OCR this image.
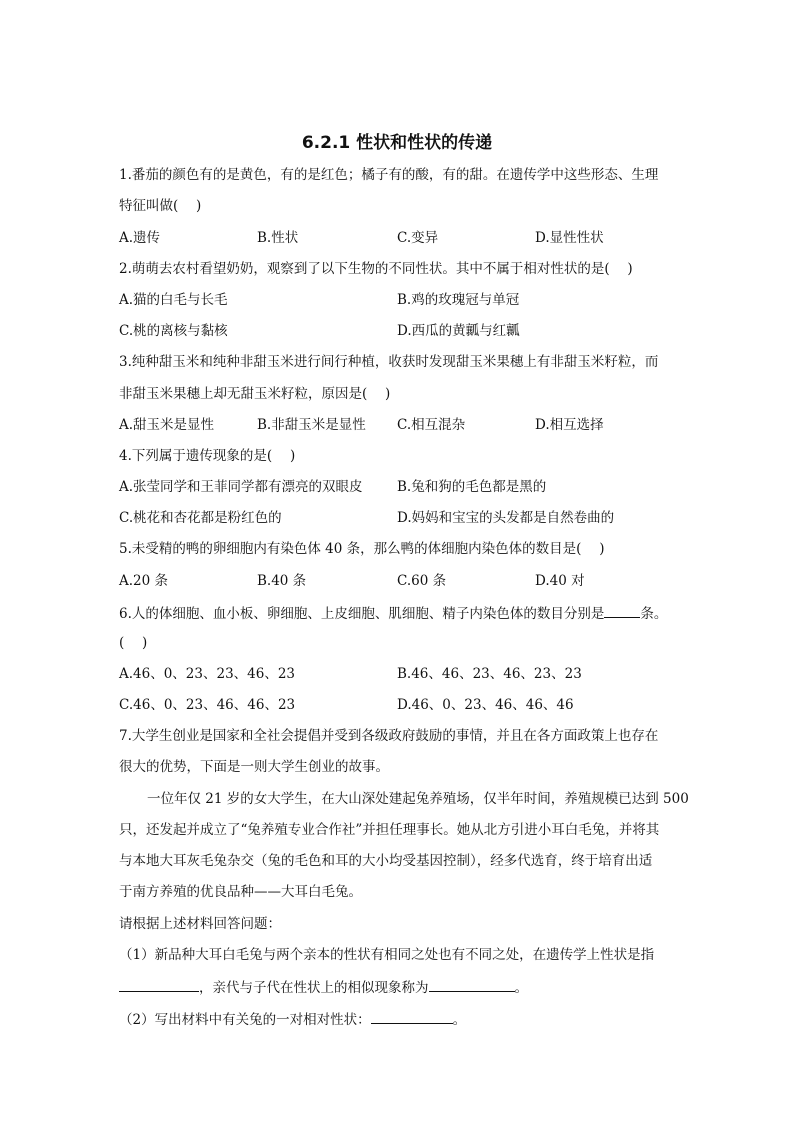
6.2.1 性状和性状的传递
1.番茄的颜色有的是黄色，有的是红色；橘子有的酸，有的甜。在遗传学中这些形态、生理
特征叫做(　 )
A.遗传	B.性状	C.变异	D.显性性状
2.萌萌去农村看望奶奶，观察到了以下生物的不同性状。其中不属于相对性状的是(　 )
A.猫的白毛与长毛	B.鸡的玫瑰冠与单冠
C.桃的离核与黏核	D.西瓜的黄瓤与红瓤
3.纯种甜玉米和纯种非甜玉米进行间行种植，收获时发现甜玉米果穗上有非甜玉米籽粒，而
非甜玉米果穗上却无甜玉米籽粒，原因是(　 )
A.甜玉米是显性	B.非甜玉米是显性 C.相互混杂	D.相互选择
4.下列属于遗传现象的是(　 )
A.张莹同学和王菲同学都有漂亮的双眼皮	B.兔和狗的毛色都是黑的
C.桃花和杏花都是粉红色的	D.妈妈和宝宝的头发都是自然卷曲的
5.未受精的鸭的卵细胞内有染色体 40 条，那么鸭的体细胞内染色体的数目是(　 )
A.20 条	B.40 条	C.60 条	D.40 对
6.人的体细胞、血小板、卵细胞、上皮细胞、肌细胞、精子内染色体的数目分别是	条。
(　 )
A.46、0、23、23、46、23	B.46、46、23、46、23、23
C.46、0、23、46、46、23	D.46、0、23、46、46、46
7.大学生创业是国家和全社会提倡并受到各级政府鼓励的事情，并且在各方面政策上也存在
很大的优势，下面是一则大学生创业的故事。
一位年仅 21 岁的女大学生，在大山深处建起兔养殖场，仅半年时间，养殖规模已达到 500
只，还发起并成立了“兔养殖专业合作社”并担任理事长。她从北方引进小耳白毛兔，并将其
与本地大耳灰毛兔杂交（兔的毛色和耳的大小均受基因控制），经多代选育，终于培育出适
于南方养殖的优良品种——大耳白毛兔。
请根据上述材料回答问题：
（1）新品种大耳白毛兔与两个亲本的性状有相同之处也有不同之处，在遗传学上性状是指
，亲代与子代在性状上的相似现象称为	。
（2）写出材料中有关兔的一对相对性状：	。
